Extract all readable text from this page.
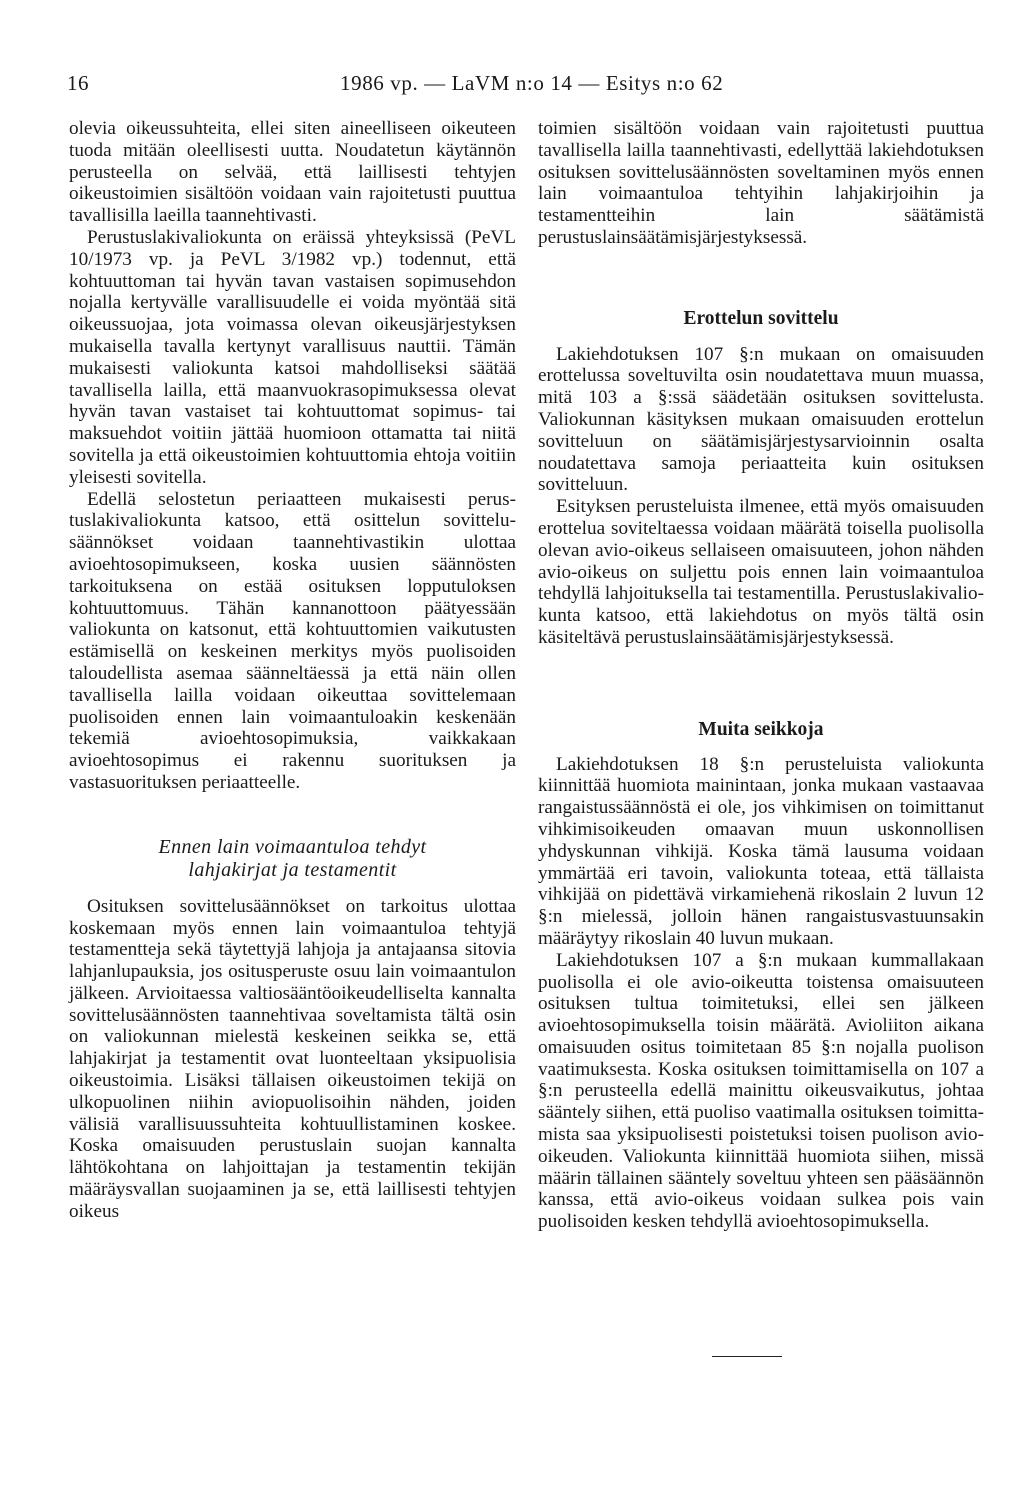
16	1986 vp. — LaVM n:o 14 — Esitys n:o 62

olevia oikeussuhteita, ellei siten aineelliseen oikeuteen tuoda mitään oleellisesti uutta. Noudatetun käytännön perusteella on selvää, että laillisesti tehtyjen oikeustoimien sisältöön voidaan vain rajoitetusti puuttua tavallisilla laeilla taannehtivasti.

Perustuslakivaliokunta on eräissä yhteyksissä (PeVL 10/1973 vp. ja PeVL 3/1982 vp.) todennut, että kohtuuttoman tai hyvän tavan vastaisen sopimusehdon nojalla kertyvälle varallisuudelle ei voida myöntää sitä oikeussuojaa, jota voimassa olevan oikeusjärjestyksen mukaisella tavalla kertynyt varallisuus nauttii. Tämän mukaisesti valiokunta katsoi mahdolliseksi säätää tavallisella lailla, että maanvuokrasopimuksessa olevat hyvän tavan vastaiset tai kohtuuttomat sopimus- tai maksuehdot voitiin jättää huomioon ottamatta tai niitä sovitella ja että oikeustoimien kohtuuttomia ehtoja voitiin yleisesti sovitella.

Edellä selostetun periaatteen mukaisesti perustuslakivaliokunta katsoo, että osittelun sovittelusäännökset voidaan taannehtivastikin ulottaa avioehtosopimukseen, koska uusien säännösten tarkoituksena on estää osituksen lopputuloksen kohtuuttomuus. Tähän kannanottoon päätyessään valiokunta on katsonut, että kohtuuttomien vaikutusten estämisellä on keskeinen merkitys myös puolisoiden taloudellista asemaa säänneltäessä ja että näin ollen tavallisella lailla voidaan oikeuttaa sovittelemaan puolisoiden ennen lain voimaantuloakin keskenään tekemiä avioehtosopimuksia, vaikkakaan avioehtosopimus ei rakennu suorituksen ja vastasuorituksen periaatteelle.

Ennen lain voimaantuloa tehdyt
lahjakirjat ja testamentit

Osituksen sovittelusäännökset on tarkoitus ulottaa koskemaan myös ennen lain voimaantuloa tehtyjä testamentteja sekä täytettyjä lahjoja ja antajaansa sitovia lahjanlupauksia, jos ositusperuste osuu lain voimaantulon jälkeen. Arvioitaessa valtiosääntöoikeudelliselta kannalta sovittelusäännösten taannehtivaa soveltamista tältä osin on valiokunnan mielestä keskeinen seikka se, että lahjakirjat ja testamentit ovat luonteeltaan yksipuolisia oikeustoimia. Lisäksi tällaisen oikeustoimen tekijä on ulkopuolinen niihin aviopuolisoihin nähden, joiden välisiä varallisuussuhteita kohtuullistaminen koskee. Koska omaisuuden perustuslain suojan kannalta lähtökohtana on lahjoittajan ja testamentin tekijän määräysvallan suojaaminen ja se, että laillisesti tehtyjen oikeus

toimien sisältöön voidaan vain rajoitetusti puuttua tavallisella lailla taannehtivasti, edellyttää lakiehdotuksen osituksen sovittelusäännösten soveltaminen myös ennen lain voimaantuloa tehtyihin lahjakirjoihin ja testamentteihin lain säätämistä perustuslainsäätämisjärjestyksessä.

Erottelun sovittelu

Lakiehdotuksen 107 §:n mukaan on omaisuuden erottelussa soveltuvilta osin noudatettava muun muassa, mitä 103 a §:ssä säädetään osituksen sovittelusta. Valiokunnan käsityksen mukaan omaisuuden erottelun sovitteluun on säätämisjärjestysarvioinnin osalta noudatettava samoja periaatteita kuin osituksen sovitteluun.

Esityksen perusteluista ilmenee, että myös omaisuuden erottelua soviteltaessa voidaan määrätä toisella puolisolla olevan avio-oikeus sellaiseen omaisuuteen, johon nähden avio-oikeus on suljettu pois ennen lain voimaantuloa tehdyllä lahjoituksella tai testamentilla. Perustuslakivaliokunta katsoo, että lakiehdotus on myös tältä osin käsiteltävä perustuslainsäätämisjärjestyksessä.

Muita seikkoja

Lakiehdotuksen 18 §:n perusteluista valiokunta kiinnittää huomiota mainintaan, jonka mukaan vastaavaa rangaistussäännöstä ei ole, jos vihkimisen on toimittanut vihkimisoikeuden omaavan muun uskonnollisen yhdyskunnan vihkijä. Koska tämä lausuma voidaan ymmärtää eri tavoin, valiokunta toteaa, että tällaista vihkijää on pidettävä virkamiehenä rikoslain 2 luvun 12 §:n mielessä, jolloin hänen rangaistusvastuunsakin määräytyy rikoslain 40 luvun mukaan.

Lakiehdotuksen 107 a §:n mukaan kummallakaan puolisolla ei ole avio-oikeutta toistensa omaisuuteen osituksen tultua toimitetuksi, ellei sen jälkeen avioehtosopimuksella toisin määrätä. Avioliiton aikana omaisuuden ositus toimitetaan 85 §:n nojalla puolison vaatimuksesta. Koska osituksen toimittamisella on 107 a §:n perusteella edellä mainittu oikeusvaikutus, johtaa sääntely siihen, että puoliso vaatimalla osituksen toimittamista saa yksipuolisesti poistetuksi toisen puolison avio-oikeuden. Valiokunta kiinnittää huomiota siihen, missä määrin tällainen sääntely soveltuu yhteen sen pääsäännön kanssa, että avio-oikeus voidaan sulkea pois vain puolisoiden kesken tehdyllä avioehtosopimuksella.
